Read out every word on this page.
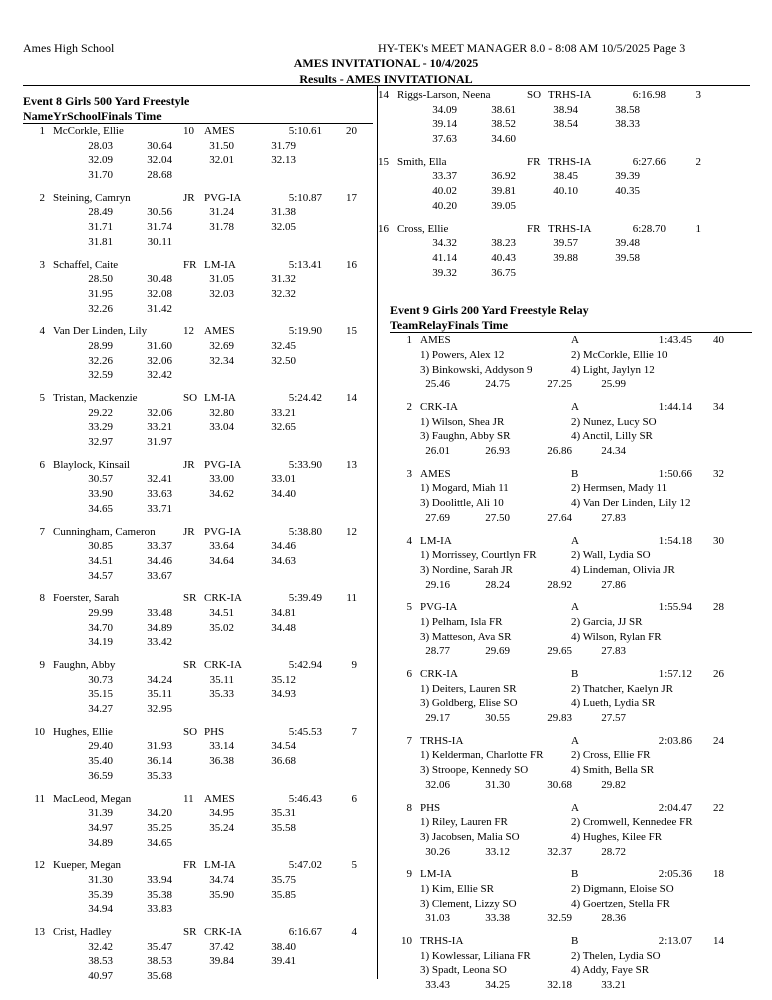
Ames High School	HY-TEK's MEET MANAGER 8.0 - 8:08 AM 10/5/2025 Page 3
AMES INVITATIONAL - 10/4/2025
Results - AMES INVITATIONAL
Event 8 Girls 500 Yard Freestyle
NameYrSchoolFinals Time
1 McCorkle, Ellie	10 AMES	5:10.61	20
28.03	30.64	31.50	31.79
32.09	32.04	32.01	32.13
31.70	28.68
2 Steining, Camryn	JR PVG-IA	5:10.87	17
28.49	30.56	31.24	31.38
31.71	31.74	31.78	32.05
31.81	30.11
3 Schaffel, Caite	FR LM-IA	5:13.41	16
28.50	30.48	31.05	31.32
31.95	32.08	32.03	32.32
32.26	31.42
4 Van Der Linden, Lily	12 AMES	5:19.90	15
28.99	31.60	32.69	32.45
32.26	32.06	32.34	32.50
32.59	32.42
5 Tristan, Mackenzie	SO LM-IA	5:24.42	14
29.22	32.06	32.80	33.21
33.29	33.21	33.04	32.65
32.97	31.97
6 Blaylock, Kinsail	JR PVG-IA	5:33.90	13
30.57	32.41	33.00	33.01
33.90	33.63	34.62	34.40
34.65	33.71
7 Cunningham, Cameron JR PVG-IA	5:38.80	12
30.85	33.37	33.64	34.46
34.51	34.46	34.64	34.63
34.57	33.67
8 Foerster, Sarah	SR CRK-IA	5:39.49	11
29.99	33.48	34.51	34.81
34.70	34.89	35.02	34.48
34.19	33.42
9 Faughn, Abby	SR CRK-IA	5:42.94	9
30.73	34.24	35.11	35.12
35.15	35.11	35.33	34.93
34.27	32.95
10 Hughes, Ellie	SO PHS	5:45.53	7
29.40	31.93	33.14	34.54
35.40	36.14	36.38	36.68
36.59	35.33
11 MacLeod, Megan	11 AMES	5:46.43	6
31.39	34.20	34.95	35.31
34.97	35.25	35.24	35.58
34.89	34.65
12 Kueper, Megan	FR LM-IA	5:47.02	5
31.30	33.94	34.74	35.75
35.39	35.38	35.90	35.85
34.94	33.83
13 Crist, Hadley	SR CRK-IA	6:16.67	4
32.42	35.47	37.42	38.40
38.53	38.53	39.84	39.41
40.97	35.68
14 Riggs-Larson, Neena	SO TRHS-IA	6:16.98	3
34.09	38.61	38.94	38.58
39.14	38.52	38.54	38.33
37.63	34.60
15 Smith, Ella	FR TRHS-IA	6:27.66	2
33.37	36.92	38.45	39.39
40.02	39.81	40.10	40.35
40.20	39.05
16 Cross, Ellie	FR TRHS-IA	6:28.70	1
34.32	38.23	39.57	39.48
41.14	40.43	39.88	39.58
39.32	36.75
Event 9 Girls 200 Yard Freestyle Relay
TeamRelayFinals Time
1 AMES	A	1:43.45	40
1) Powers, Alex 12	2) McCorkle, Ellie 10
3) Binkowski, Addyson 9	4) Light, Jaylyn 12
25.46	24.75	27.25	25.99
2 CRK-IA	A	1:44.14	34
1) Wilson, Shea JR	2) Nunez, Lucy SO
3) Faughn, Abby SR	4) Anctil, Lilly SR
26.01	26.93	26.86	24.34
3 AMES	B	1:50.66	32
1) Mogard, Miah 11	2) Hermsen, Mady 11
3) Doolittle, Ali 10	4) Van Der Linden, Lily 12
27.69	27.50	27.64	27.83
4 LM-IA	A	1:54.18	30
1) Morrissey, Courtlyn FR	2) Wall, Lydia SO
3) Nordine, Sarah JR	4) Lindeman, Olivia JR
29.16	28.24	28.92	27.86
5 PVG-IA	A	1:55.94	28
1) Pelham, Isla FR	2) Garcia, JJ SR
3) Matteson, Ava SR	4) Wilson, Rylan FR
28.77	29.69	29.65	27.83
6 CRK-IA	B	1:57.12	26
1) Deiters, Lauren SR	2) Thatcher, Kaelyn JR
3) Goldberg, Elise SO	4) Lueth, Lydia SR
29.17	30.55	29.83	27.57
7 TRHS-IA	A	2:03.86	24
1) Kelderman, Charlotte FR	2) Cross, Ellie FR
3) Stroope, Kennedy SO	4) Smith, Bella SR
32.06	31.30	30.68	29.82
8 PHS	A	2:04.47	22
1) Riley, Lauren FR	2) Cromwell, Kennedee FR
3) Jacobsen, Malia SO	4) Hughes, Kilee FR
30.26	33.12	32.37	28.72
9 LM-IA	B	2:05.36	18
1) Kim, Ellie SR	2) Digmann, Eloise SO
3) Clement, Lizzy SO	4) Goertzen, Stella FR
31.03	33.38	32.59	28.36
10 TRHS-IA	B	2:13.07	14
1) Kowlessar, Liliana FR	2) Thelen, Lydia SO
3) Spadt, Leona SO	4) Addy, Faye SR
33.43	34.25	32.18	33.21
